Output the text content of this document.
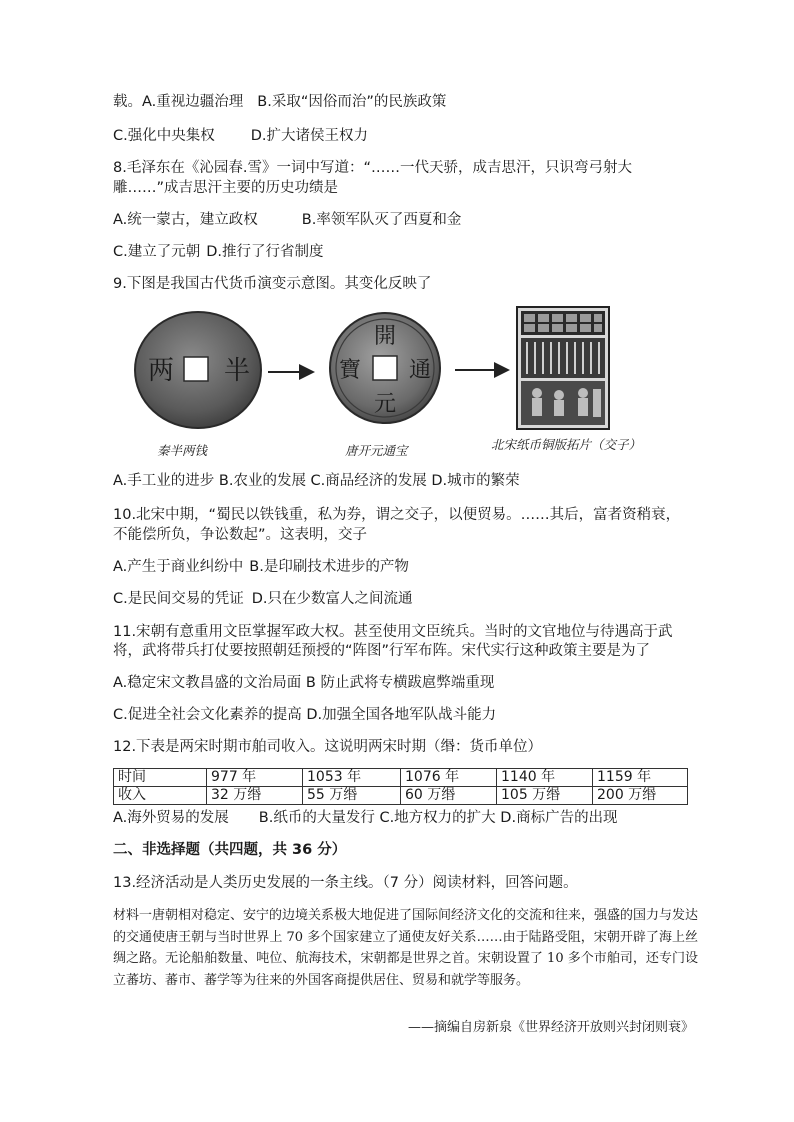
载。A.重视边疆治理 B.采取“因俗而治”的民族政策
C.强化中央集权 D.扩大诸侯王权力
8.毛泽东在《沁园春.雪》一词中写道：“……一代天骄，成吉思汗，只识弯弓射大
雕……”成吉思汗主要的历史功绩是
A.统一蒙古，建立政权	B.率领军队灭了西夏和金
C.建立了元朝 D.推行了行省制度
9.下图是我国古代货币演变示意图。其变化反映了
半
两
開
元
通
寶
秦半两钱	唐开元通宝	北宋纸币铜版拓片（交子）
A.手工业的进步 B.农业的发展 C.商品经济的发展 D.城市的繁荣
10.北宋中期，“蜀民以铁钱重，私为券，谓之交子，以便贸易。……其后，富者资稍衰，
不能偿所负，争讼数起”。这表明，交子
A.产生于商业纠纷中 B.是印刷技术进步的产物
C.是民间交易的凭证 D.只在少数富人之间流通
11.宋朝有意重用文臣掌握军政大权。甚至使用文臣统兵。当时的文官地位与待遇高于武
将，武将带兵打仗要按照朝廷预授的“阵图”行军布阵。宋代实行这种政策主要是为了
A.稳定宋文教昌盛的文治局面 B 防止武将专横跋扈弊端重现
C.促进全社会文化素养的提高 D.加强全国各地军队战斗能力
12.下表是两宋时期市舶司收入。这说明两宋时期（缗：货币单位）
时间	977 年	1053 年	1076 年	1140 年	1159 年
收入	32 万缗	55 万缗	60 万缗	105 万缗	200 万缗
A.海外贸易的发展 B.纸币的大量发行 C.地方权力的扩大 D.商标广告的出现
二、非选择题（共四题，共 36 分）
13.经济活动是人类历史发展的一条主线。（7 分）阅读材料，回答问题。
材料一唐朝相对稳定、安宁的边境关系极大地促进了国际间经济文化的交流和往来，强盛的国力与发达的交通使唐王朝与当时世界上 70 多个国家建立了通使友好关系……由于陆路受阻，宋朝开辟了海上丝绸之路。无论船舶数量、吨位、航海技术，宋朝都是世界之首。宋朝设置了 10 多个市舶司，还专门设立蕃坊、蕃市、蕃学等为往来的外国客商提供居住、贸易和就学等服务。
——摘编自房新泉《世界经济开放则兴封闭则衰》
